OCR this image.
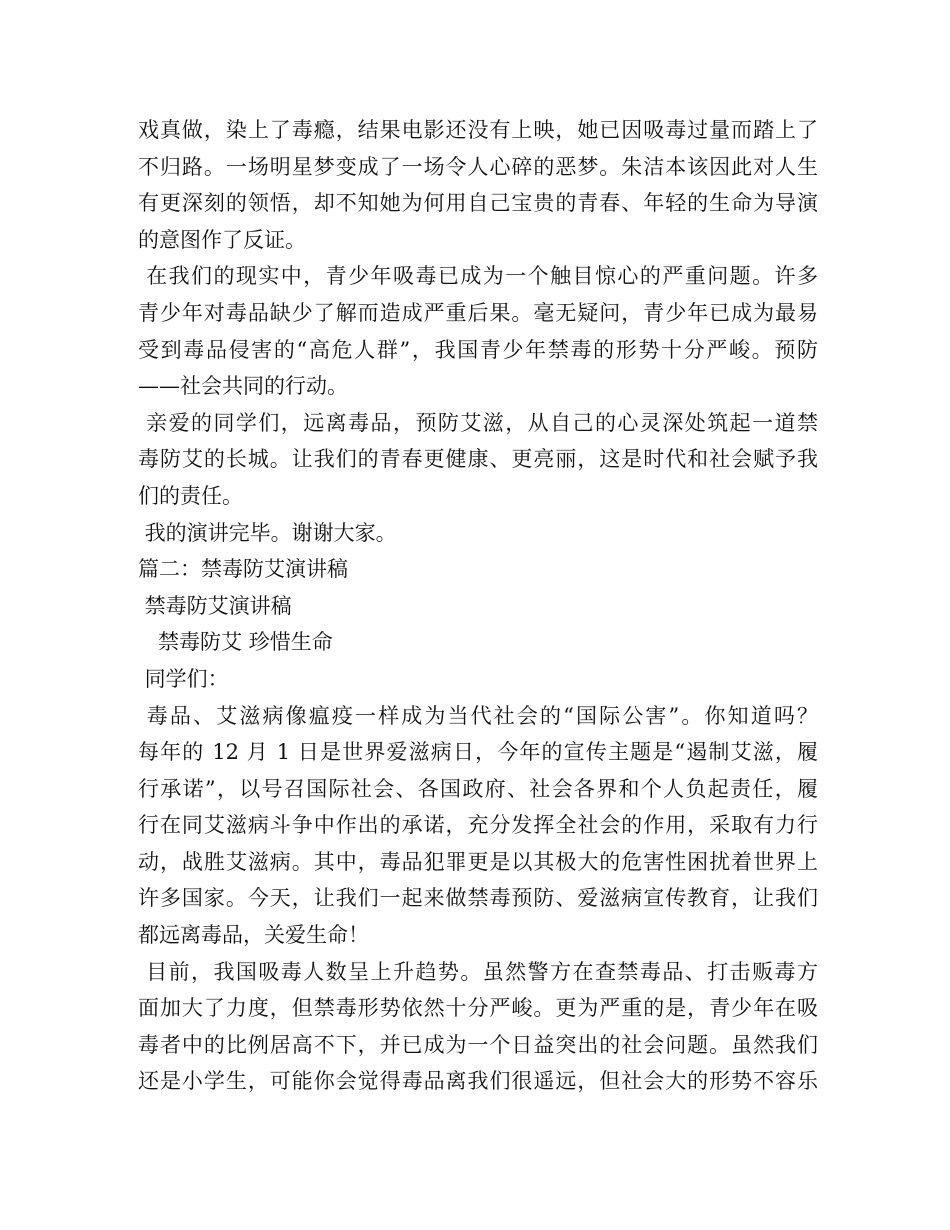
戏真做，染上了毒瘾，结果电影还没有上映，她已因吸毒过量而踏上了
不归路。一场明星梦变成了一场令人心碎的恶梦。朱洁本该因此对人生
有更深刻的领悟，却不知她为何用自己宝贵的青春、年轻的生命为导演
的意图作了反证。
在我们的现实中，青少年吸毒已成为一个触目惊心的严重问题。许多
青少年对毒品缺少了解而造成严重后果。毫无疑问，青少年已成为最易
受到毒品侵害的“高危人群”，我国青少年禁毒的形势十分严峻。预防
——社会共同的行动。
亲爱的同学们，远离毒品，预防艾滋，从自己的心灵深处筑起一道禁
毒防艾的长城。让我们的青春更健康、更亮丽，这是时代和社会赋予我
们的责任。
我的演讲完毕。谢谢大家。
篇二：禁毒防艾演讲稿
禁毒防艾演讲稿
禁毒防艾 珍惜生命
同学们：
毒品、艾滋病像瘟疫一样成为当代社会的“国际公害”。你知道吗？
每年的 12 月 1 日是世界爱滋病日，今年的宣传主题是“遏制艾滋，履
行承诺”，以号召国际社会、各国政府、社会各界和个人负起责任，履
行在同艾滋病斗争中作出的承诺，充分发挥全社会的作用，采取有力行
动，战胜艾滋病。其中，毒品犯罪更是以其极大的危害性困扰着世界上
许多国家。今天，让我们一起来做禁毒预防、爱滋病宣传教育，让我们
都远离毒品，关爱生命！
目前，我国吸毒人数呈上升趋势。虽然警方在查禁毒品、打击贩毒方
面加大了力度，但禁毒形势依然十分严峻。更为严重的是，青少年在吸
毒者中的比例居高不下，并已成为一个日益突出的社会问题。虽然我们
还是小学生，可能你会觉得毒品离我们很遥远，但社会大的形势不容乐
